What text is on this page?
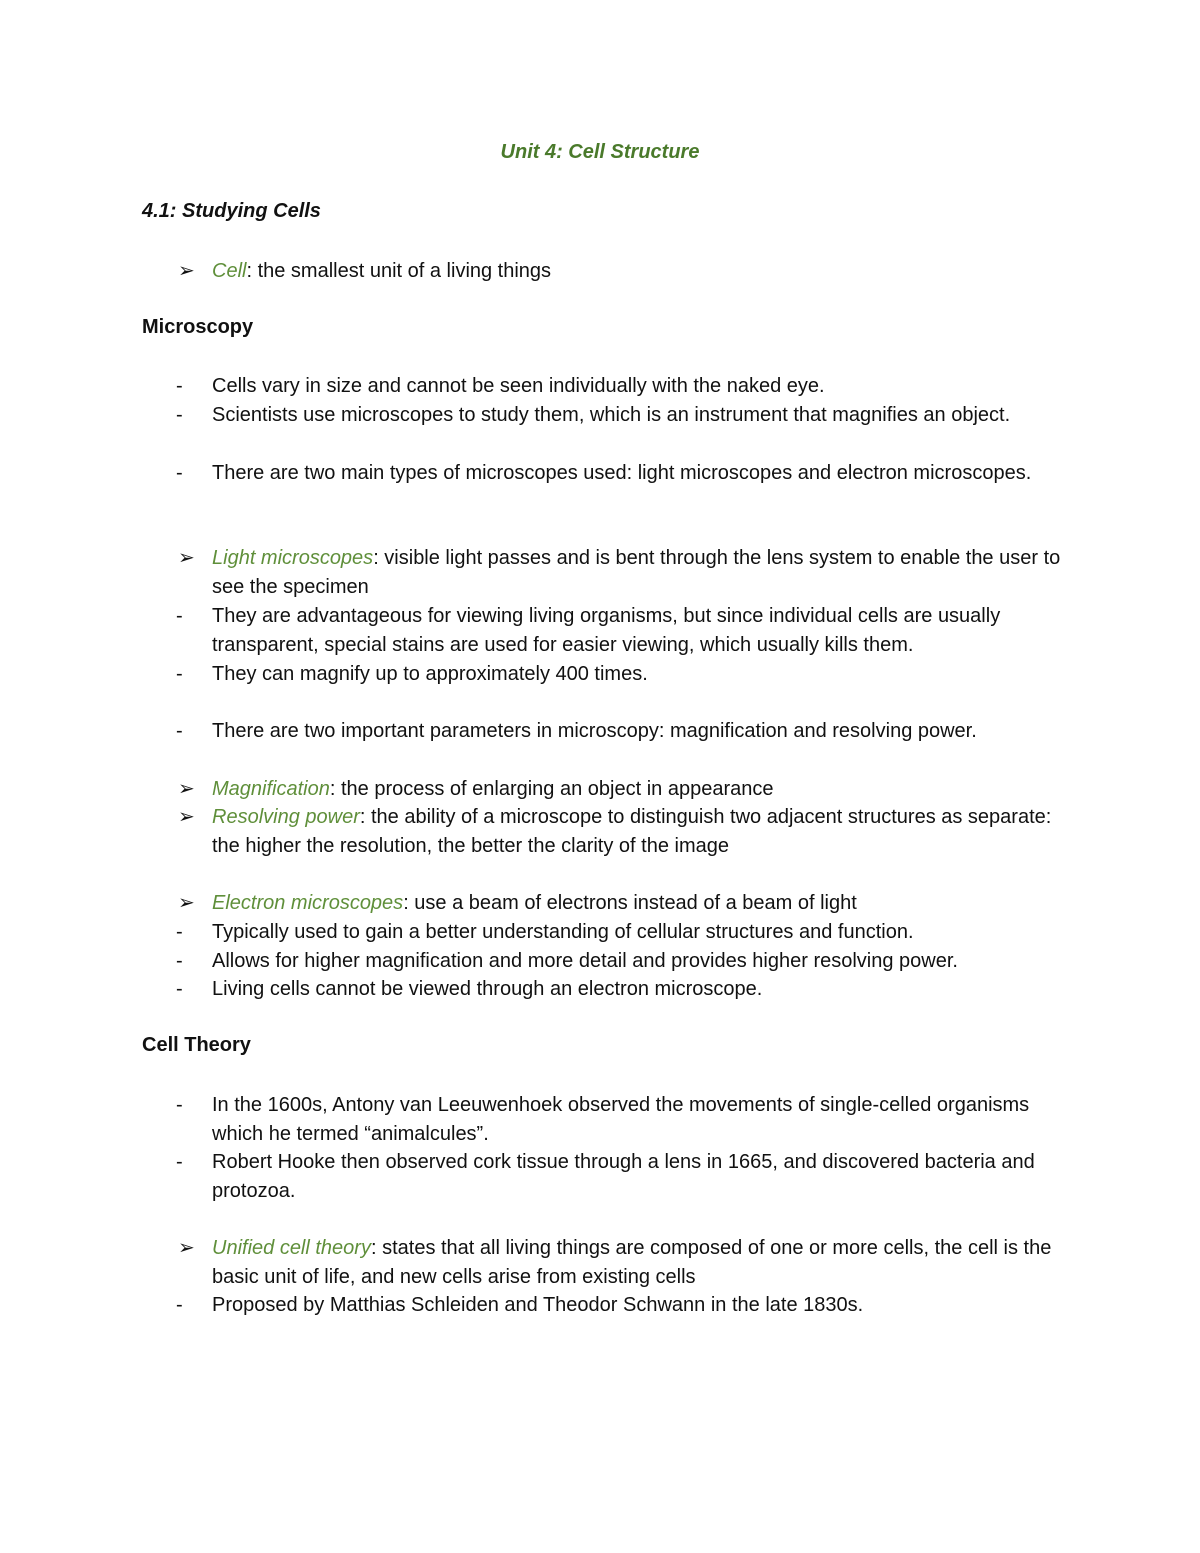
Unit 4: Cell Structure
4.1: Studying Cells
➢ Cell: the smallest unit of a living things
Microscopy
- Cells vary in size and cannot be seen individually with the naked eye.
- Scientists use microscopes to study them, which is an instrument that magnifies an object.
- There are two main types of microscopes used: light microscopes and electron microscopes.
➢ Light microscopes: visible light passes and is bent through the lens system to enable the user to see the specimen
- They are advantageous for viewing living organisms, but since individual cells are usually transparent, special stains are used for easier viewing, which usually kills them.
- They can magnify up to approximately 400 times.
- There are two important parameters in microscopy: magnification and resolving power.
➢ Magnification: the process of enlarging an object in appearance
➢ Resolving power: the ability of a microscope to distinguish two adjacent structures as separate: the higher the resolution, the better the clarity of the image
➢ Electron microscopes: use a beam of electrons instead of a beam of light
- Typically used to gain a better understanding of cellular structures and function.
- Allows for higher magnification and more detail and provides higher resolving power.
- Living cells cannot be viewed through an electron microscope.
Cell Theory
- In the 1600s, Antony van Leeuwenhoek observed the movements of single-celled organisms which he termed “animalcules”.
- Robert Hooke then observed cork tissue through a lens in 1665, and discovered bacteria and protozoa.
➢ Unified cell theory: states that all living things are composed of one or more cells, the cell is the basic unit of life, and new cells arise from existing cells
- Proposed by Matthias Schleiden and Theodor Schwann in the late 1830s.
